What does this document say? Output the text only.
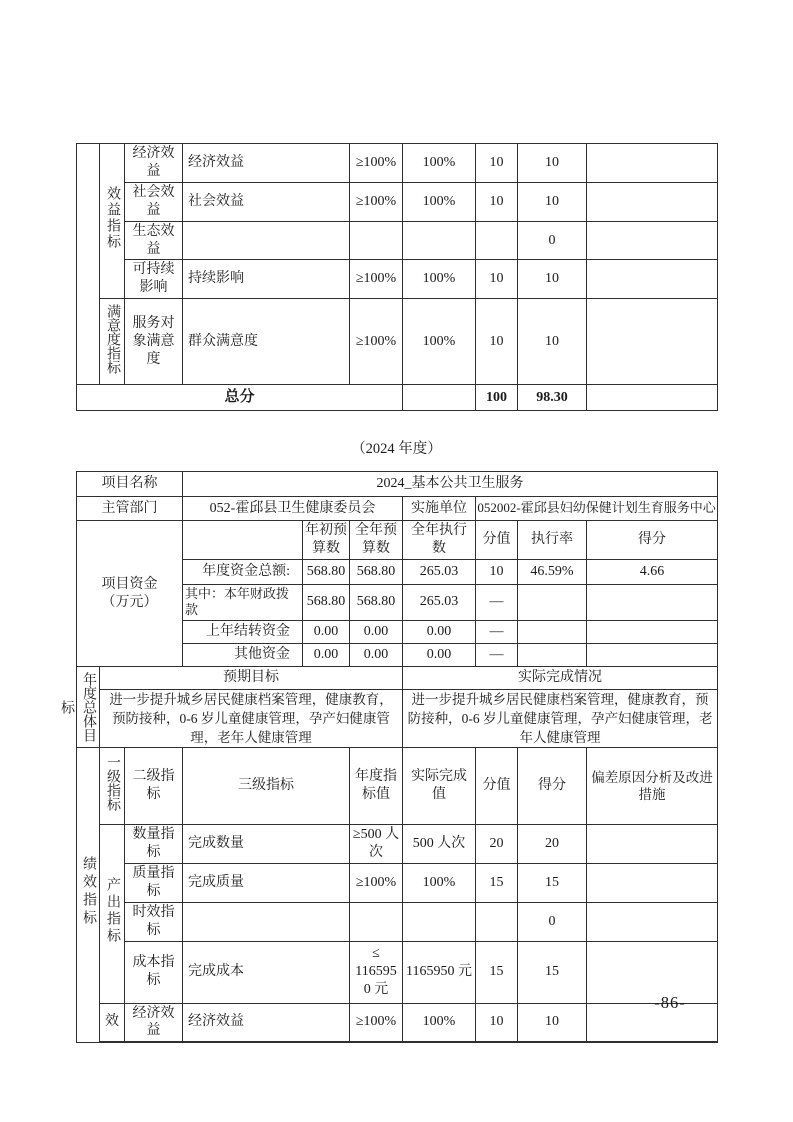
	效益指标	经济效益	经济效益	≥100%	100%	10	10	
		社会效益	社会效益	≥100%	100%	10	10	
		生态效益					0	
		可持续影响	持续影响	≥100%	100%	10	10	
	满意度指标	服务对象满意度	群众满意度	≥100%	100%	10	10	
总分						100	98.30	
（2024 年度）
项目名称			2024_基本公共卫生服务						
主管部门			052-霍邱县卫生健康委员会			实施单位	052002-霍邱县妇幼保健计划生育服务中心		
项目资金（万元）				年初预算数	全年预算数	全年执行数	分值	执行率	得分
			年度资金总额:	568.80	568.80	265.03	10	46.59%	4.66
			其中：本年财政拨款	568.80	568.80	265.03	—		
			上年结转资金	0.00	0.00	0.00	—		
			其他资金	0.00	0.00	0.00	—		

年度总体目标	预期目标					实际完成情况			
	进一步提升城乡居民健康档案管理，健康教育，预防接种，0-6 岁儿童健康管理，孕产妇健康管理，老年人健康管理					进一步提升城乡居民健康档案管理，健康教育，预防接种，0-6 岁儿童健康管理，孕产妇健康管理，老年人健康管理			
绩效指标	一级指标	二级指标	三级指标		年度指标值	实际完成值	分值	得分	偏差原因分析及改进措施
	产出指标	数量指标	完成数量		≥500 人次	500 人次	20	20	
		质量指标	完成质量		≥100%	100%	15	15	
		时效指标						0	
		成本指标	完成成本		≤ 1165950 元	1165950 元	15	15	
	效	经济效益	经济效益		≥100%	100%	10	10	
-86-
